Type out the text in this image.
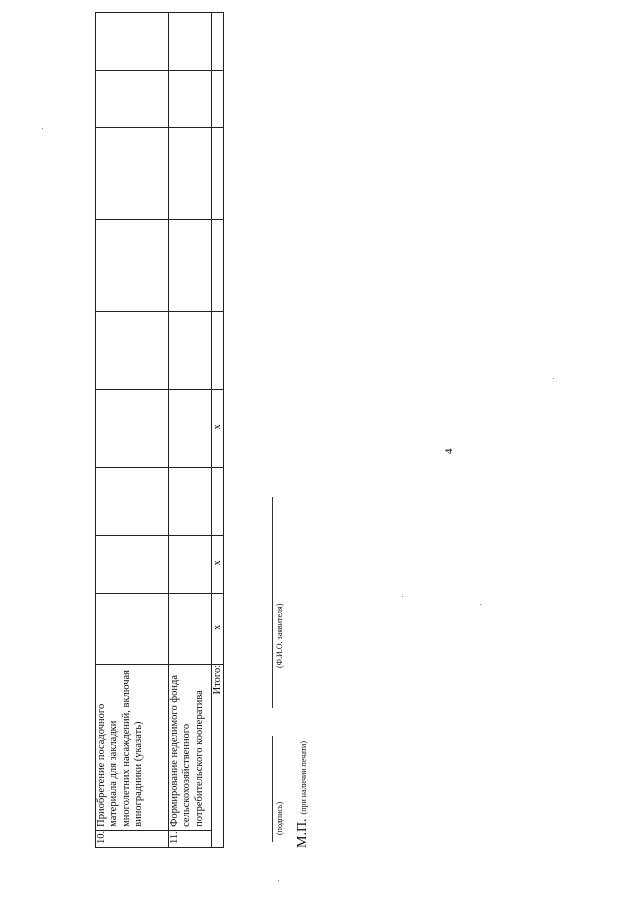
4
10.	Приобретение посадочного материала для закладки многолетних насаждений, включая виноградники (указать)									
11.	Формирование неделимого фонда сельскохозяйственного потребительского кооператива									
Итого:		x	x		x					
(подпись)
(Ф.И.О. заявителя)
М.П. (при наличии печати)
